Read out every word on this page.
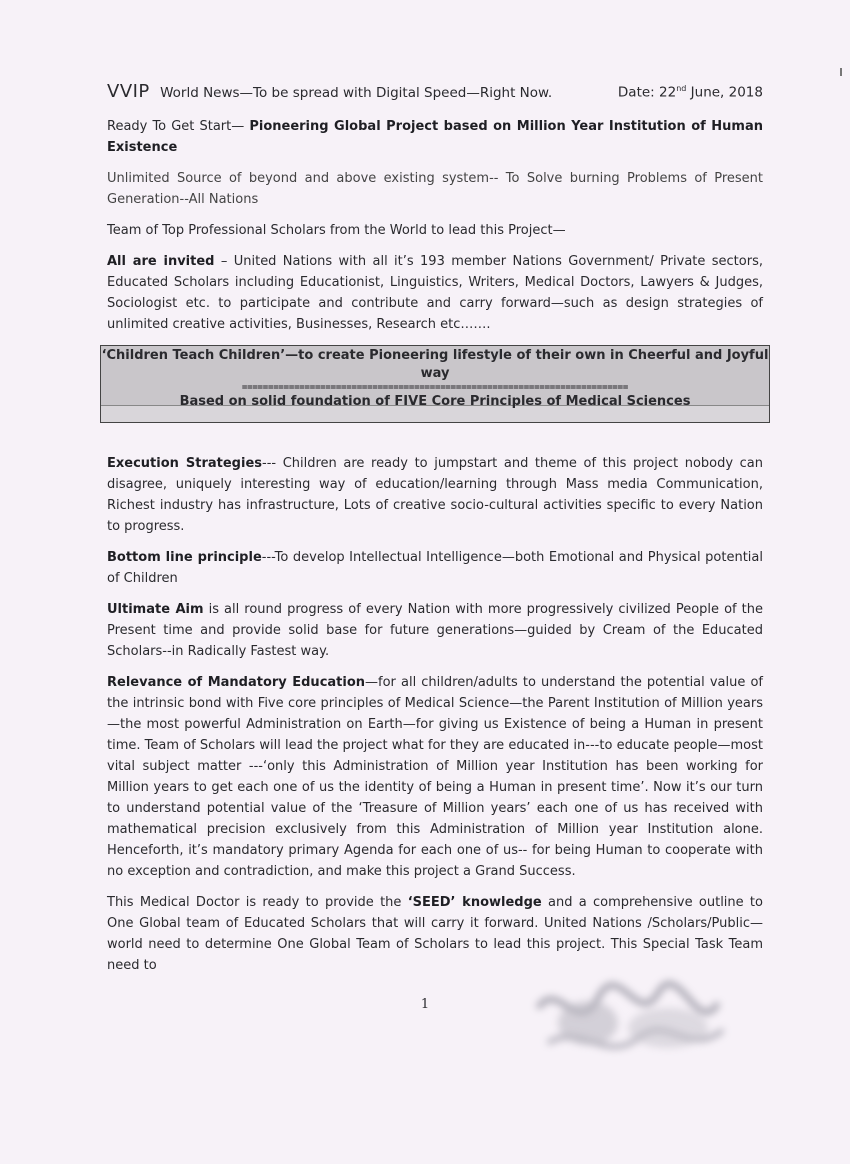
VVIP World News—To be spread with Digital Speed—Right Now.	Date: 22nd June, 2018

Ready To Get Start— Pioneering Global Project based on Million Year Institution of Human Existence

Unlimited Source of beyond and above existing system-- To Solve burning Problems of Present Generation--All Nations

Team of Top Professional Scholars from the World to lead this Project—

All are invited – United Nations with all it’s 193 member Nations Government/ Private sectors, Educated Scholars including Educationist, Linguistics, Writers, Medical Doctors, Lawyers & Judges, Sociologist etc. to participate and contribute and carry forward—such as design strategies of unlimited creative activities, Businesses, Research etc…….

‘Children Teach Children’—to create Pioneering lifestyle of their own in Cheerful and Joyful way
==========================================================================
Based on solid foundation of FIVE Core Principles of Medical Sciences

Execution Strategies--- Children are ready to jumpstart and theme of this project nobody can disagree, uniquely interesting way of education/learning through Mass media Communication, Richest industry has infrastructure, Lots of creative socio-cultural activities specific to every Nation to progress.

Bottom line principle---To develop Intellectual Intelligence—both Emotional and Physical potential of Children

Ultimate Aim is all round progress of every Nation with more progressively civilized People of the Present time and provide solid base for future generations—guided by Cream of the Educated Scholars--in Radically Fastest way.

Relevance of Mandatory Education—for all children/adults to understand the potential value of the intrinsic bond with Five core principles of Medical Science—the Parent Institution of Million years—the most powerful Administration on Earth—for giving us Existence of being a Human in present time. Team of Scholars will lead the project what for they are educated in---to educate people—most vital subject matter ---‘only this Administration of Million year Institution has been working for Million years to get each one of us the identity of being a Human in present time’. Now it’s our turn to understand potential value of the ‘Treasure of Million years’ each one of us has received with mathematical precision exclusively from this Administration of Million year Institution alone. Henceforth, it’s mandatory primary Agenda for each one of us-- for being Human to cooperate with no exception and contradiction, and make this project a Grand Success.

This Medical Doctor is ready to provide the ‘SEED’ knowledge and a comprehensive outline to One Global team of Educated Scholars that will carry it forward. United Nations /Scholars/Public—world need to determine One Global Team of Scholars to lead this project. This Special Task Team need to

1
